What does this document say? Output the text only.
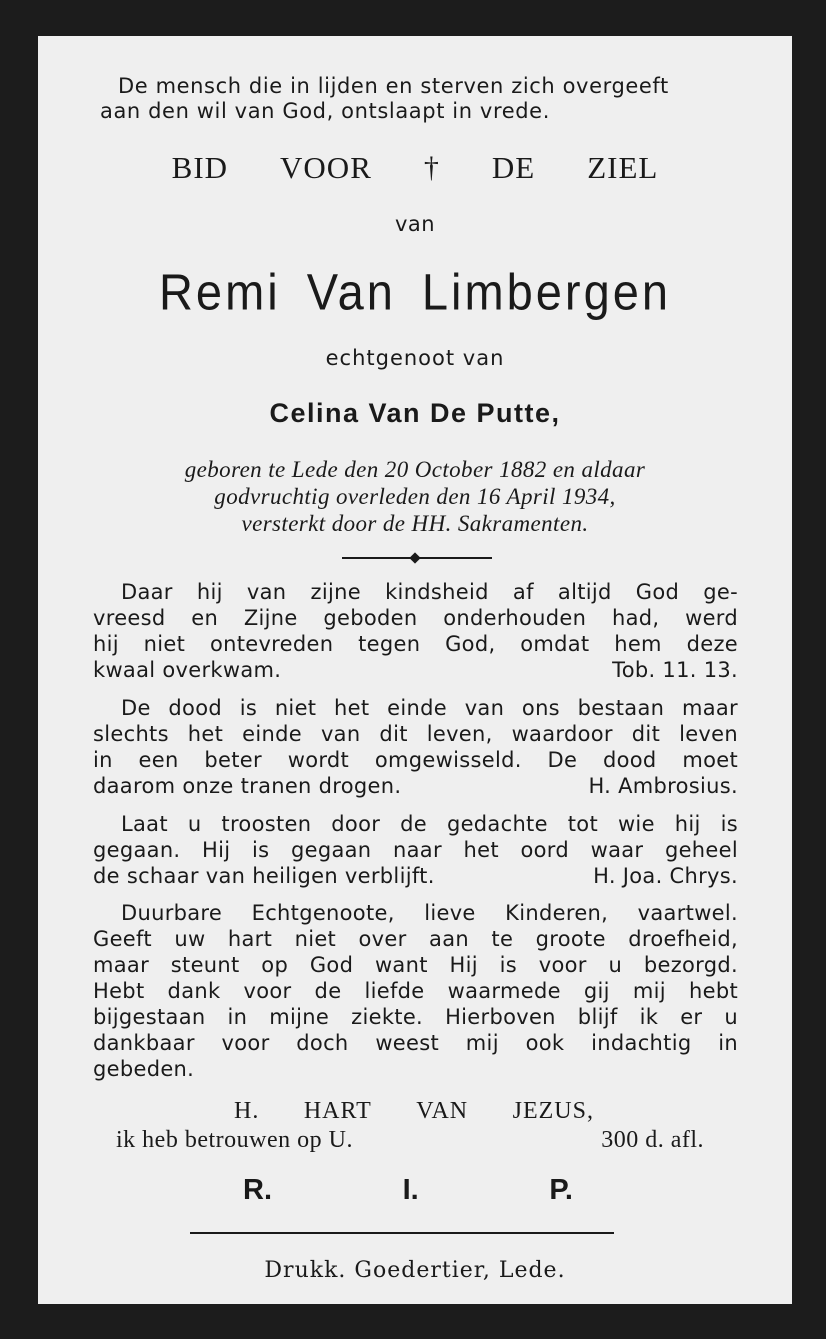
De mensch die in lijden en sterven zich overgeeft
aan den wil van God, ontslaapt in vrede.
BID VOOR † DE ZIEL
van
Remi Van Limbergen
echtgenoot van
Celina Van De Putte,
geboren te Lede den 20 October 1882 en aldaar
godvruchtig overleden den 16 April 1934,
versterkt door de HH. Sakramenten.
Daar hij van zijne kindsheid af altijd God ge-
vreesd en Zijne geboden onderhouden had, werd
hij niet ontevreden tegen God, omdat hem deze
kwaal overkwam.	Tob. 11. 13.
De dood is niet het einde van ons bestaan maar
slechts het einde van dit leven, waardoor dit leven
in een beter wordt omgewisseld. De dood moet
daarom onze tranen drogen.	H. Ambrosius.
Laat u troosten door de gedachte tot wie hij is
gegaan. Hij is gegaan naar het oord waar geheel
de schaar van heiligen verblijft.	H. Joa. Chrys.
Duurbare Echtgenoote, lieve Kinderen, vaartwel.
Geeft uw hart niet over aan te groote droefheid,
maar steunt op God want Hij is voor u bezorgd.
Hebt dank voor de liefde waarmede gij mij hebt
bijgestaan in mijne ziekte. Hierboven blijf ik er u
dankbaar voor doch weest mij ook indachtig in
gebeden.
H. HART VAN JEZUS,
ik heb betrouwen op U.	300 d. afl.
R.	I.	P.
Drukk. Goedertier, Lede.
